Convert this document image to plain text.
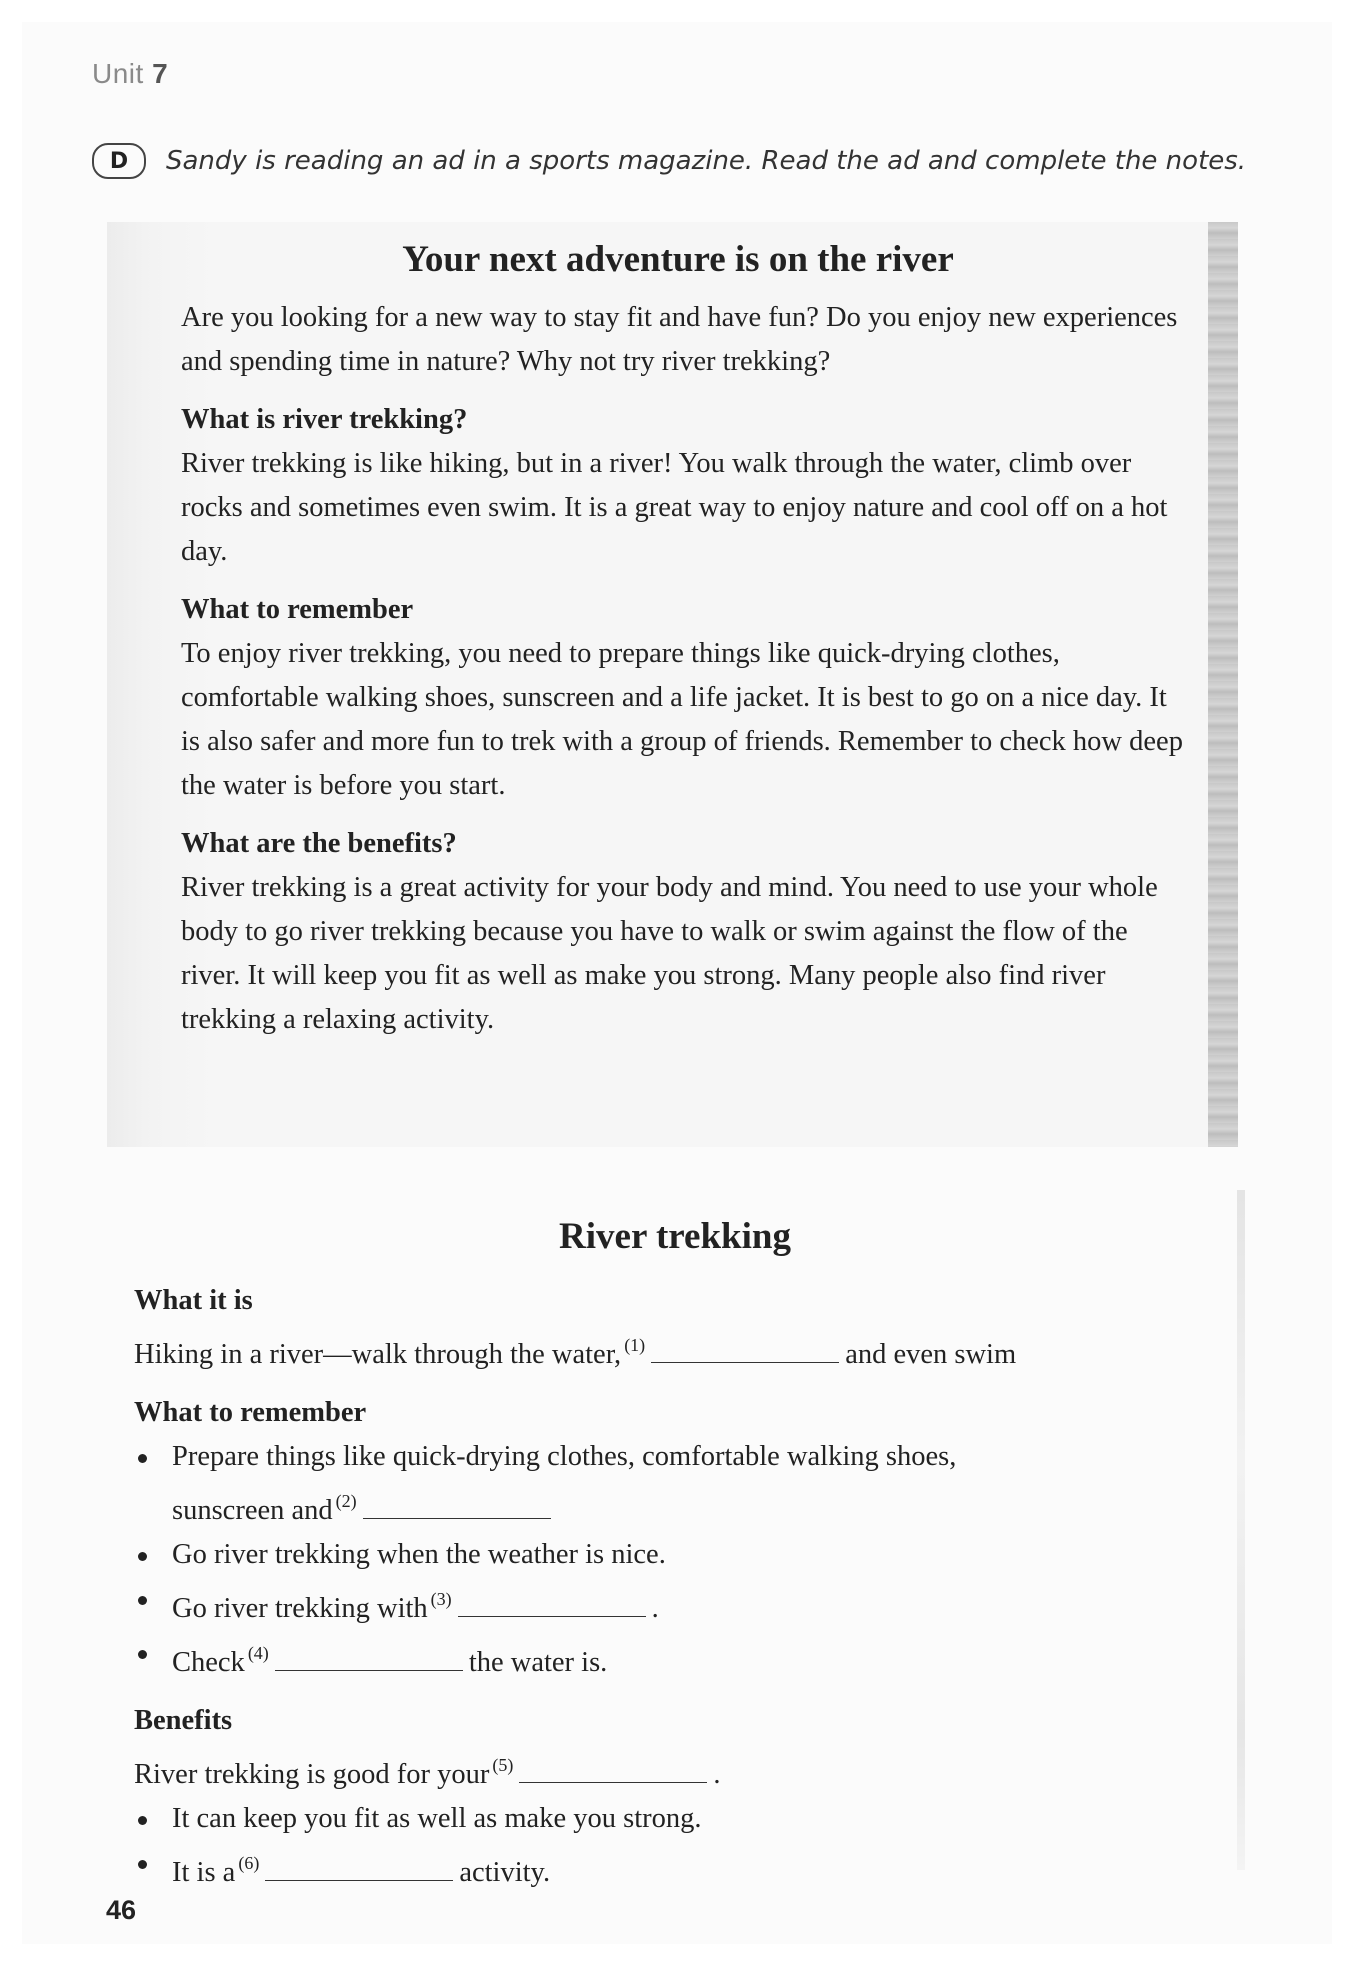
Unit 7
D	Sandy is reading an ad in a sports magazine. Read the ad and complete the notes.
Your next adventure is on the river

Are you looking for a new way to stay fit and have fun? Do you enjoy new experiences and spending time in nature? Why not try river trekking?

What is river trekking?

River trekking is like hiking, but in a river! You walk through the water, climb over rocks and sometimes even swim. It is a great way to enjoy nature and cool off on a hot day.

What to remember

To enjoy river trekking, you need to prepare things like quick-drying clothes, comfortable walking shoes, sunscreen and a life jacket. It is best to go on a nice day. It is also safer and more fun to trek with a group of friends. Remember to check how deep the water is before you start.

What are the benefits?

River trekking is a great activity for your body and mind. You need to use your whole body to go river trekking because you have to walk or swim against the flow of the river. It will keep you fit as well as make you strong. Many people also find river trekking a relaxing activity.

River trekking
What it is

Hiking in a river—walk through the water, $^{(1)}$	and even swim

What to remember
Prepare things like quick-drying clothes, comfortable walking shoes,
sunscreen and $^{(2)}$
Go river trekking when the weather is nice.
Go river trekking with $^{(3)}$	.
Check $^{(4)}$	the water is.
Benefits

River trekking is good for your $^{(5)}$	.

It can keep you fit as well as make you strong.
It is a $^{(6)}$	activity.
46
